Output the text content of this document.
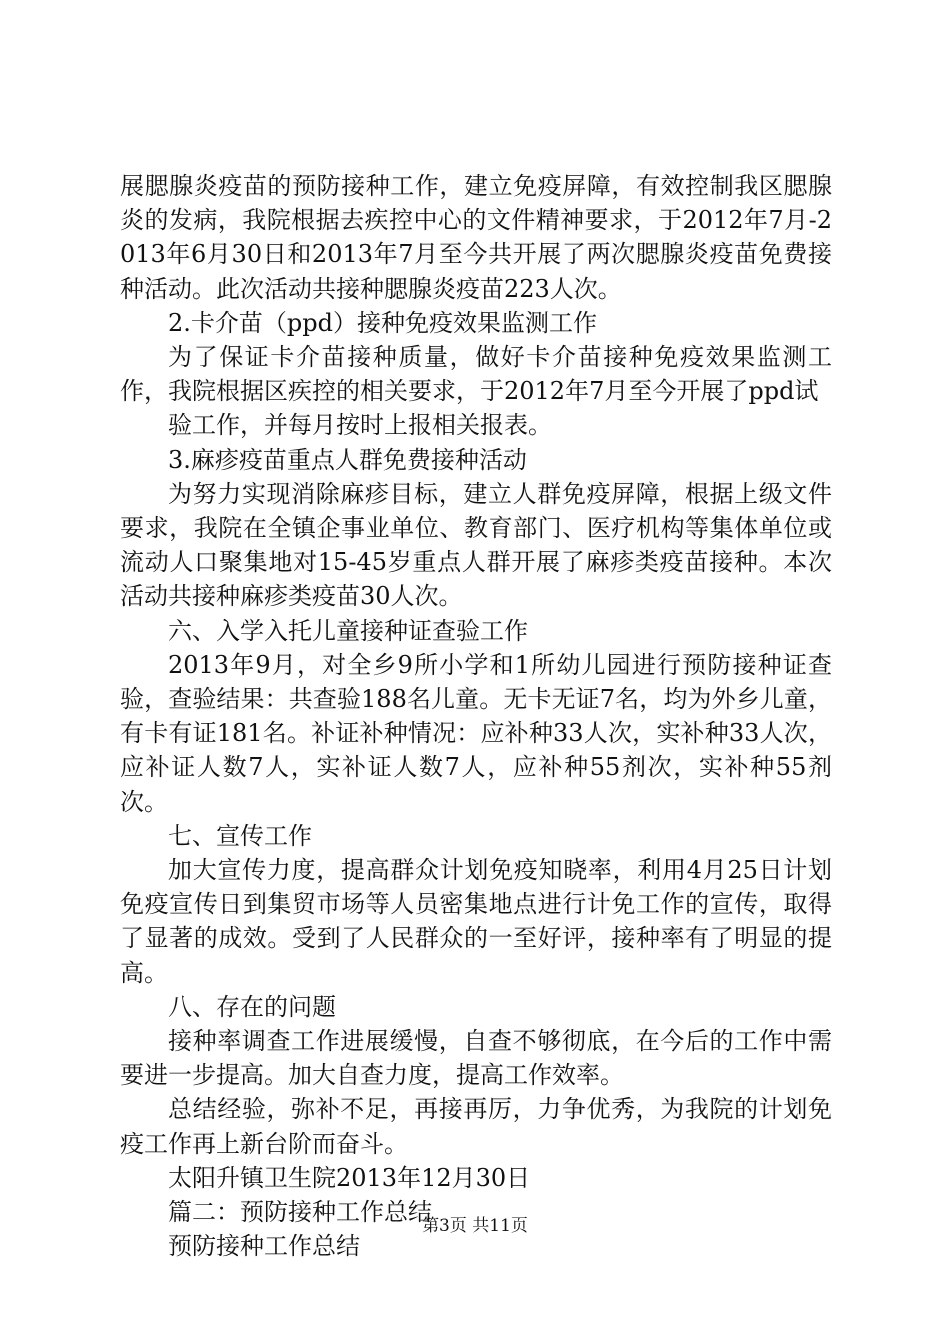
展腮腺炎疫苗的预防接种工作，建立免疫屏障，有效控制我区腮腺炎的发病，我院根据去疾控中心的文件精神要求，于2012年7月-2013年6月30日和2013年7月至今共开展了两次腮腺炎疫苗免费接种活动。此次活动共接种腮腺炎疫苗223人次。

2.卡介苗（ppd）接种免疫效果监测工作

为了保证卡介苗接种质量，做好卡介苗接种免疫效果监测工作，我院根据区疾控的相关要求，于2012年7月至今开展了ppd试

验工作，并每月按时上报相关报表。

3.麻疹疫苗重点人群免费接种活动

为努力实现消除麻疹目标，建立人群免疫屏障，根据上级文件要求，我院在全镇企事业单位、教育部门、医疗机构等集体单位或流动人口聚集地对15-45岁重点人群开展了麻疹类疫苗接种。本次活动共接种麻疹类疫苗30人次。

六、入学入托儿童接种证查验工作

2013年9月，对全乡9所小学和1所幼儿园进行预防接种证查验，查验结果：共查验188名儿童。无卡无证7名，均为外乡儿童，有卡有证181名。补证补种情况：应补种33人次，实补种33人次，应补证人数7人，实补证人数7人，应补种55剂次，实补种55剂次。

七、宣传工作

加大宣传力度，提高群众计划免疫知晓率，利用4月25日计划免疫宣传日到集贸市场等人员密集地点进行计免工作的宣传，取得了显著的成效。受到了人民群众的一至好评，接种率有了明显的提高。

八、存在的问题

接种率调查工作进展缓慢，自查不够彻底，在今后的工作中需要进一步提高。加大自查力度，提高工作效率。

总结经验，弥补不足，再接再厉，力争优秀，为我院的计划免疫工作再上新台阶而奋斗。

太阳升镇卫生院2013年12月30日

篇二：预防接种工作总结

预防接种工作总结

第3页 共11页
